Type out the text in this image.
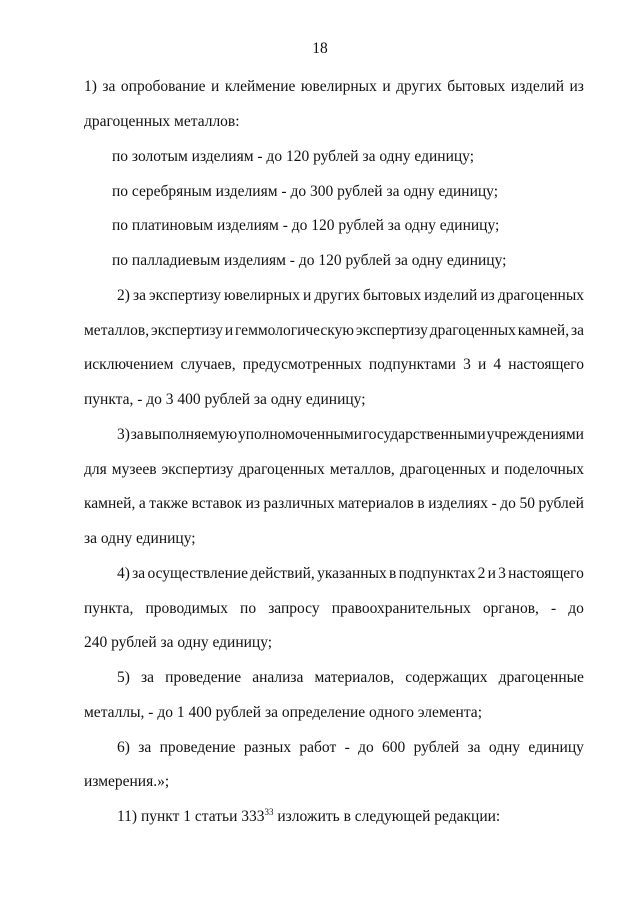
18
1) за опробование и клеймение ювелирных и других бытовых изделий из
драгоценных металлов:
по золотым изделиям - до 120 рублей за одну единицу;
по серебряным изделиям - до 300 рублей за одну единицу;
по платиновым изделиям - до 120 рублей за одну единицу;
по палладиевым изделиям - до 120 рублей за одну единицу;
2) за экспертизу ювелирных и других бытовых изделий из драгоценных
металлов, экспертизу и геммологическую экспертизу драгоценных камней, за
исключением случаев, предусмотренных подпунктами 3 и 4 настоящего
пункта, - до 3 400 рублей за одну единицу;
3) за выполняемую уполномоченными государственными учреждениями
для музеев экспертизу драгоценных металлов, драгоценных и поделочных
камней, а также вставок из различных материалов в изделиях - до 50 рублей
за одну единицу;
4) за осуществление действий, указанных в подпунктах 2 и 3 настоящего
пункта, проводимых по запросу правоохранительных органов, - до
240 рублей за одну единицу;
5) за проведение анализа материалов, содержащих драгоценные
металлы, - до 1 400 рублей за определение одного элемента;
6) за проведение разных работ - до 600 рублей за одну единицу
измерения.»;
11) пункт 1 статьи $333^{33}$ изложить в следующей редакции:
